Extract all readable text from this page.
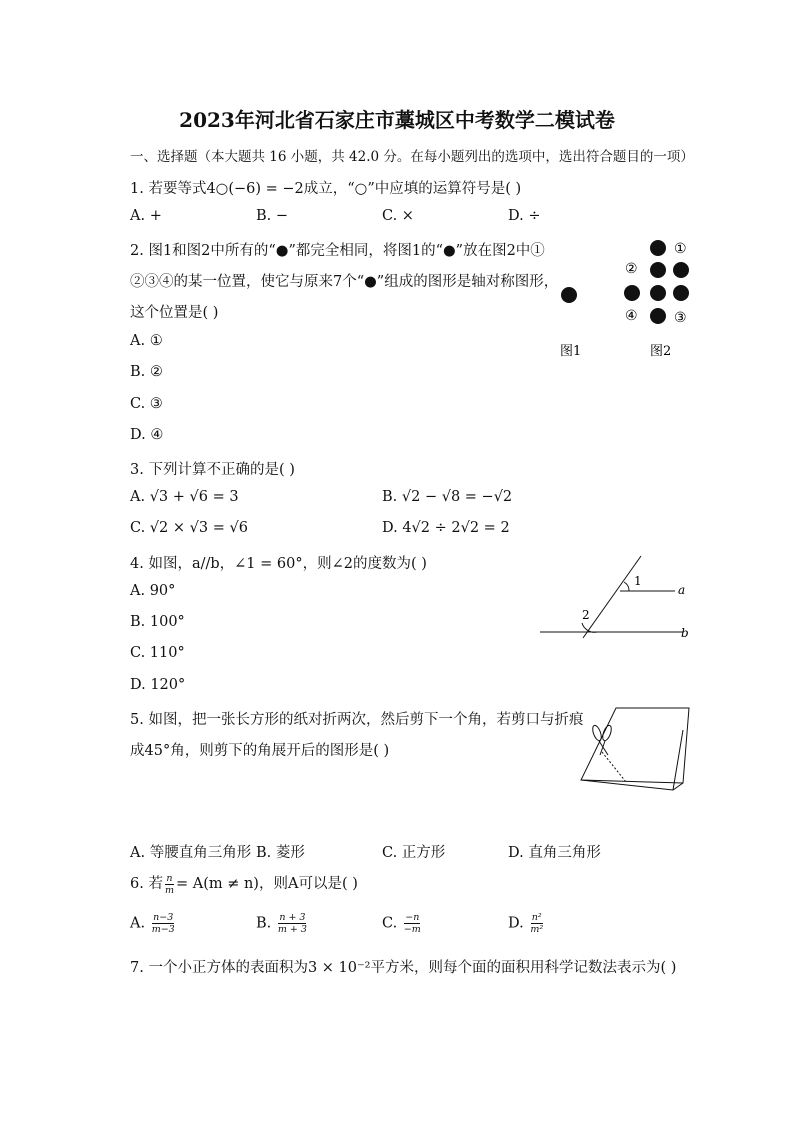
2023年河北省石家庄市藁城区中考数学二模试卷
一、选择题（本大题共 16 小题，共 42.0 分。在每小题列出的选项中，选出符合题目的一项）
1. 若要等式4○(−6) = −2成立，“○”中应填的运算符号是( )
A. +	B. −	C. ×	D. ÷
2. 图1和图2中所有的“●”都完全相同，将图1的“●”放在图2中①
②③④的某一位置，使它与原来7个“●”组成的图形是轴对称图形，
这个位置是( )
A. ①
B. ②
C. ③
D. ④
①
②
③
④
图1	图2
3. 下列计算不正确的是( )
A. √3 + √6 = 3	B. √2 − √8 = −√2
C. √2 × √3 = √6	D. 4√2 ÷ 2√2 = 2
4. 如图，a//b，∠1 = 60°，则∠2的度数为( )
A. 90°
B. 100°
C. 110°
D. 120°
1
2
a
b
5. 如图，把一张长方形的纸对折两次，然后剪下一个角，若剪口与折痕
成45°角，则剪下的角展开后的图形是( )
A. 等腰直角三角形 B. 菱形	C. 正方形	D. 直角三角形
6. 若 $\frac{n}{m} = A(m \ne n)$，则A可以是( )
A. $\frac{n-3}{m-3}$	B. $\frac{n + 3}{m + 3}$	C. $\frac{-n}{-m}$	D. $\frac{\text{n²}}{\text{m²}}$
7. 一个小正方体的表面积为3 × 10⁻²平方米，则每个面的面积用科学记数法表示为( )
